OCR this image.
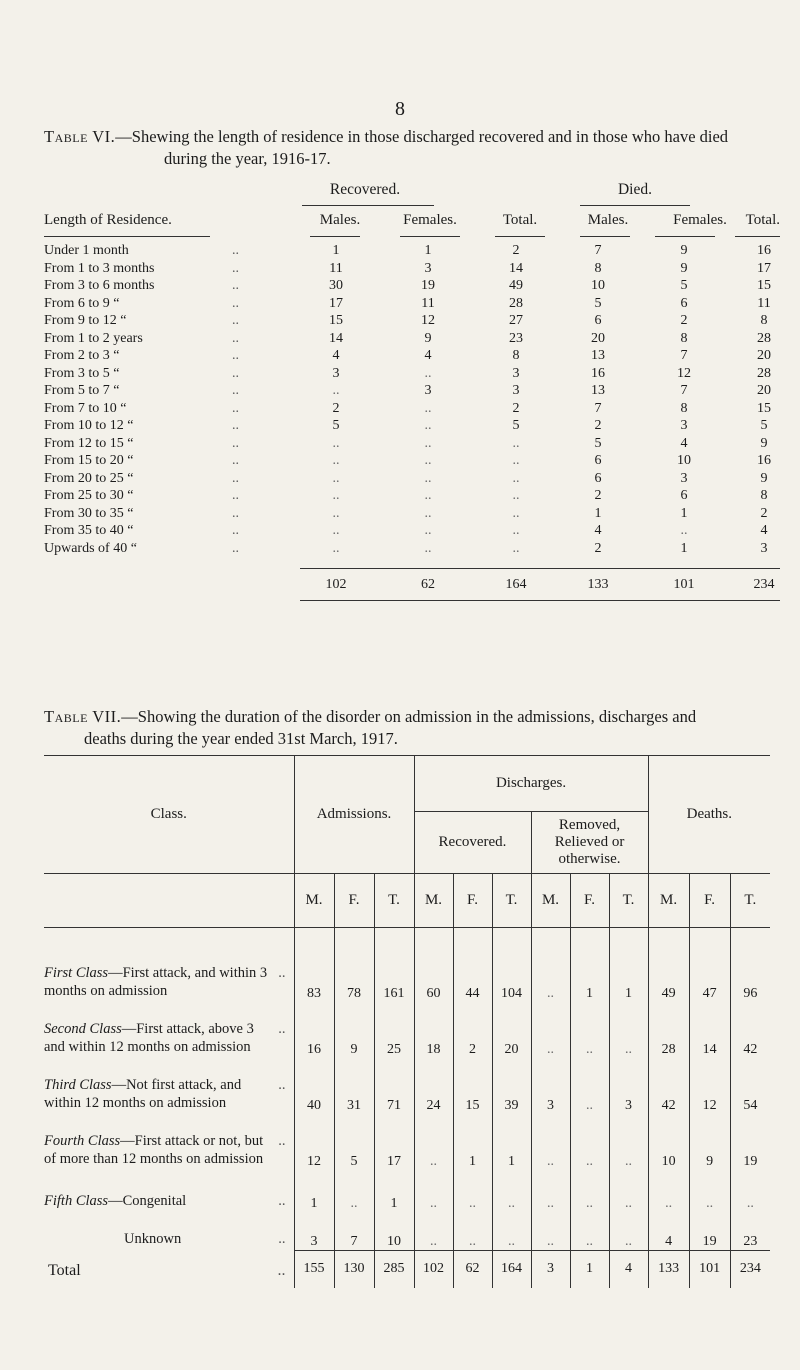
8
Table VI.—Shewing the length of residence in those discharged recovered and in those who have died
during the year, 1916-17.
Recovered.	Died.
Length of Residence.	Males.	Females.	Total.	Males.	Females.	Total.
Under 1 month	..	1	1	2	7	9	16
From 1 to 3 months	..	11	3	14	8	9	17
From 3 to 6 months	..	30	19	49	10	5	15
From 6 to 9 “	..	17	11	28	5	6	11
From 9 to 12 “	..	15	12	27	6	2	8
From 1 to 2 years	..	14	9	23	20	8	28
From 2 to 3 “	..	4	4	8	13	7	20
From 3 to 5 “	..	3	..	3	16	12	28
From 5 to 7 “	..	..	3	3	13	7	20
From 7 to 10 “	..	2	..	2	7	8	15
From 10 to 12 “	..	5	..	5	2	3	5
From 12 to 15 “	..	..	..	..	5	4	9
From 15 to 20 “	..	..	..	..	6	10	16
From 20 to 25 “	..	..	..	..	6	3	9
From 25 to 30 “	..	..	..	..	2	6	8
From 30 to 35 “	..	..	..	..	1	1	2
From 35 to 40 “	..	..	..	..	4	..	4
Upwards of 40 “	..	..	..	..	2	1	3
102	62	164	133	101	234
Table VII.—Showing the duration of the disorder on admission in the admissions, discharges and
deaths during the year ended 31st March, 1917.
Class.	Admissions.			Discharges.						Deaths.		
				Recovered.			Removed, Relieved or otherwise.					
	M.	F.	T.	M.	F.	T.	M.	F.	T.	M.	F.	T.

..
First Class—First attack, and within 3 months on admission	83	78	161	60	44	104	..	1	1	49	47	96

..
Second Class—First attack, above 3 and within 12 months on admission	16	9	25	18	2	20	..	..	..	28	14	42

..
Third Class—Not first attack, and within 12 months on admission	40	31	71	24	15	39	3	..	3	42	12	54

..
Fourth Class—First attack or not, but of more than 12 months on admission	12	5	17	..	1	1	..	..	..	10	9	19

..
Fifth Class—Congenital	1	..	1	..	..	..	..	..	..	..	..	..

..
Unknown	3	7	10	..	..	..	..	..	..	4	19	23

..
Total	155	130	285	102	62	164	3	1	4	133	101	234
